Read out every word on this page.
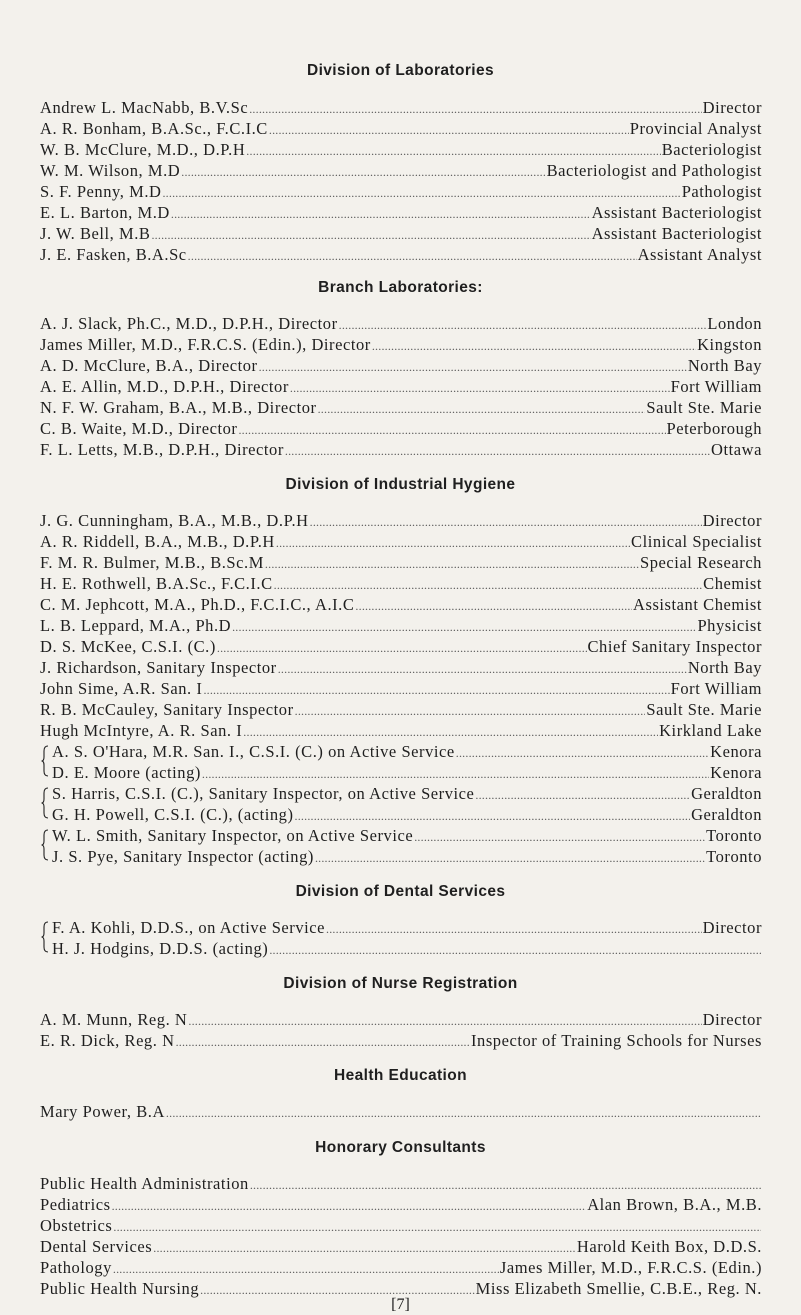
Division of Laboratories
Andrew L. MacNabb, B.V.Sc .....	Director
A. R. Bonham, B.A.Sc., F.C.I.C .....	Provincial Analyst
W. B. McClure, M.D., D.P.H .....	Bacteriologist
W. M. Wilson, M.D .....	Bacteriologist and Pathologist
S. F. Penny, M.D .....	Pathologist
E. L. Barton, M.D .....	Assistant Bacteriologist
J. W. Bell, M.B .....	Assistant Bacteriologist
J. E. Fasken, B.A.Sc .....	Assistant Analyst
Branch Laboratories:
A. J. Slack, Ph.C., M.D., D.P.H., Director .....	London
James Miller, M.D., F.R.C.S. (Edin.), Director .....	Kingston
A. D. McClure, B.A., Director .....	North Bay
A. E. Allin, M.D., D.P.H., Director .....	Fort William
N. F. W. Graham, B.A., M.B., Director .....	Sault Ste. Marie
C. B. Waite, M.D., Director .....	Peterborough
F. L. Letts, M.B., D.P.H., Director .....	Ottawa
Division of Industrial Hygiene
J. G. Cunningham, B.A., M.B., D.P.H .....	Director
A. R. Riddell, B.A., M.B., D.P.H .....	Clinical Specialist
F. M. R. Bulmer, M.B., B.Sc.M .....	Special Research
H. E. Rothwell, B.A.Sc., F.C.I.C .....	Chemist
C. M. Jephcott, M.A., Ph.D., F.C.I.C., A.I.C .....	Assistant Chemist
L. B. Leppard, M.A., Ph.D .....	Physicist
D. S. McKee, C.S.I. (C.) .....	Chief Sanitary Inspector
J. Richardson, Sanitary Inspector .....	North Bay
John Sime, A.R. San. I .....	Fort William
R. B. McCauley, Sanitary Inspector .....	Sault Ste. Marie
Hugh McIntyre, A. R. San. I .....	Kirkland Lake
A. S. O'Hara, M.R. San. I., C.S.I. (C.) on Active Service .....	Kenora
D. E. Moore (acting) .....	Kenora
S. Harris, C.S.I. (C.), Sanitary Inspector, on Active Service .....	Geraldton
G. H. Powell, C.S.I. (C.), (acting) .....	Geraldton
W. L. Smith, Sanitary Inspector, on Active Service .....	Toronto
J. S. Pye, Sanitary Inspector (acting) .....	Toronto
Division of Dental Services
F. A. Kohli, D.D.S., on Active Service .....	Director
H. J. Hodgins, D.D.S. (acting)
.....
Division of Nurse Registration
A. M. Munn, Reg. N .....	Director
E. R. Dick, Reg. N .....	Inspector of Training Schools for Nurses
Health Education
Mary Power, B.A
.....
Honorary Consultants
Public Health Administration
.....
Pediatrics .....	Alan Brown, B.A., M.B.
Obstetrics
.....
Dental Services .....	Harold Keith Box, D.D.S.
Pathology .....	James Miller, M.D., F.R.C.S. (Edin.)
Public Health Nursing .....	Miss Elizabeth Smellie, C.B.E., Reg. N.
[7]
